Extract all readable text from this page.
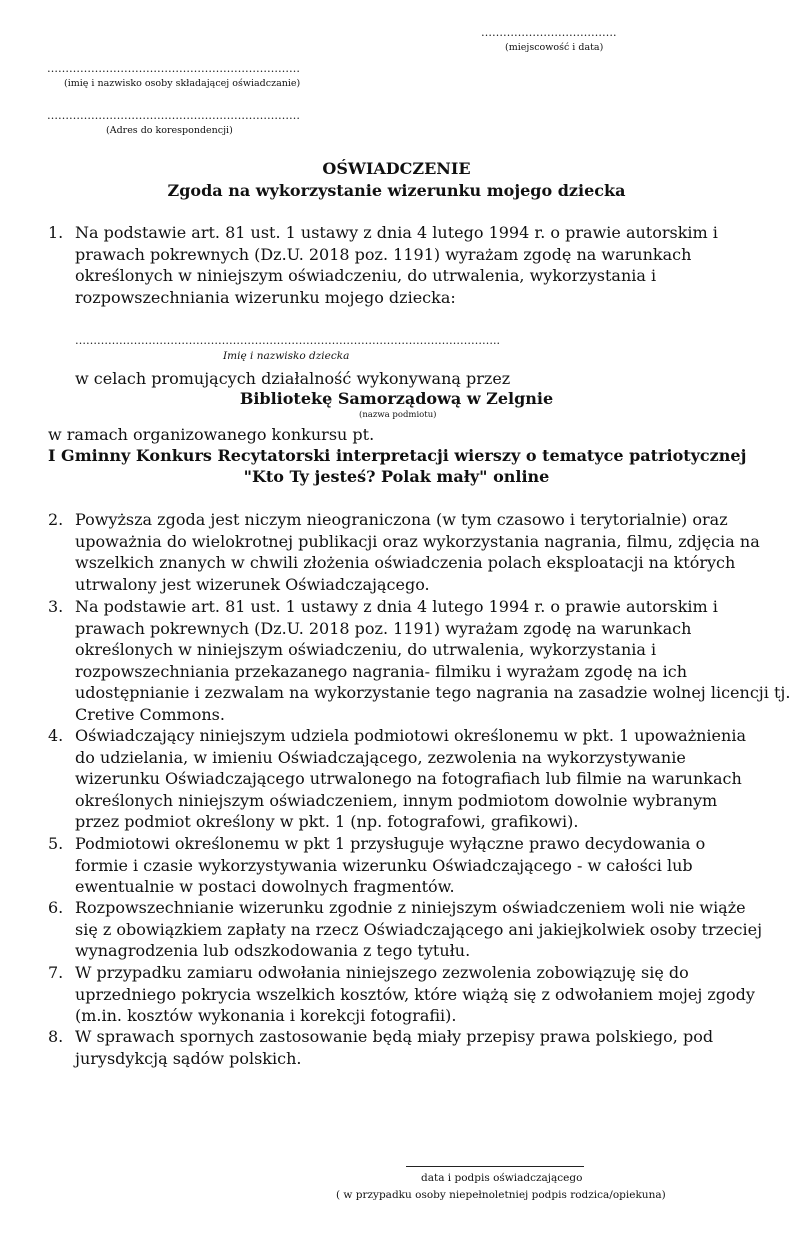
……………………………….
(miejscowość i data)
……………………………………………………………
(imię i nazwisko osoby składającej oświadczanie)
……………………………………………………………
(Adres do korespondencji)
OŚWIADCZENIE
Zgoda na wykorzystanie wizerunku mojego dziecka
1. Na podstawie art. 81 ust. 1 ustawy z dnia 4 lutego 1994 r. o prawie autorskim i
prawach pokrewnych (Dz.U. 2018 poz. 1191) wyrażam zgodę na warunkach
określonych w niniejszym oświadczeniu, do utrwalenia, wykorzystania i
rozpowszechniania wizerunku mojego dziecka:
……………………………………………………………………………………………………..
Imię i nazwisko dziecka
w celach promujących działalność wykonywaną przez
Bibliotekę Samorządową w Zelgnie
(nazwa podmiotu)
w ramach organizowanego konkursu pt.
I Gminny Konkurs Recytatorski interpretacji wierszy o tematyce patriotycznej
"Kto Ty jesteś? Polak mały" online
2. Powyższa zgoda jest niczym nieograniczona (w tym czasowo i terytorialnie) oraz
upoważnia do wielokrotnej publikacji oraz wykorzystania nagrania, filmu, zdjęcia na
wszelkich znanych w chwili złożenia oświadczenia polach eksploatacji na których
utrwalony jest wizerunek Oświadczającego.
3. Na podstawie art. 81 ust. 1 ustawy z dnia 4 lutego 1994 r. o prawie autorskim i
prawach pokrewnych (Dz.U. 2018 poz. 1191) wyrażam zgodę na warunkach
określonych w niniejszym oświadczeniu, do utrwalenia, wykorzystania i
rozpowszechniania przekazanego nagrania- filmiku i wyrażam zgodę na ich
udostępnianie i zezwalam na wykorzystanie tego nagrania na zasadzie wolnej licencji tj.
Cretive Commons.
4. Oświadczający niniejszym udziela podmiotowi określonemu w pkt. 1 upoważnienia
do udzielania, w imieniu Oświadczającego, zezwolenia na wykorzystywanie
wizerunku Oświadczającego utrwalonego na fotografiach lub filmie na warunkach
określonych niniejszym oświadczeniem, innym podmiotom dowolnie wybranym
przez podmiot określony w pkt. 1 (np. fotografowi, grafikowi).
5. Podmiotowi określonemu w pkt 1 przysługuje wyłączne prawo decydowania o
formie i czasie wykorzystywania wizerunku Oświadczającego - w całości lub
ewentualnie w postaci dowolnych fragmentów.
6. Rozpowszechnianie wizerunku zgodnie z niniejszym oświadczeniem woli nie wiąże
się z obowiązkiem zapłaty na rzecz Oświadczającego ani jakiejkolwiek osoby trzeciej
wynagrodzenia lub odszkodowania z tego tytułu.
7. W przypadku zamiaru odwołania niniejszego zezwolenia zobowiązuję się do
uprzedniego pokrycia wszelkich kosztów, które wiążą się z odwołaniem mojej zgody
(m.in. kosztów wykonania i korekcji fotografii).
8. W sprawach spornych zastosowanie będą miały przepisy prawa polskiego, pod
jurysdykcją sądów polskich.
data i podpis oświadczającego
( w przypadku osoby niepełnoletniej podpis rodzica/opiekuna)
